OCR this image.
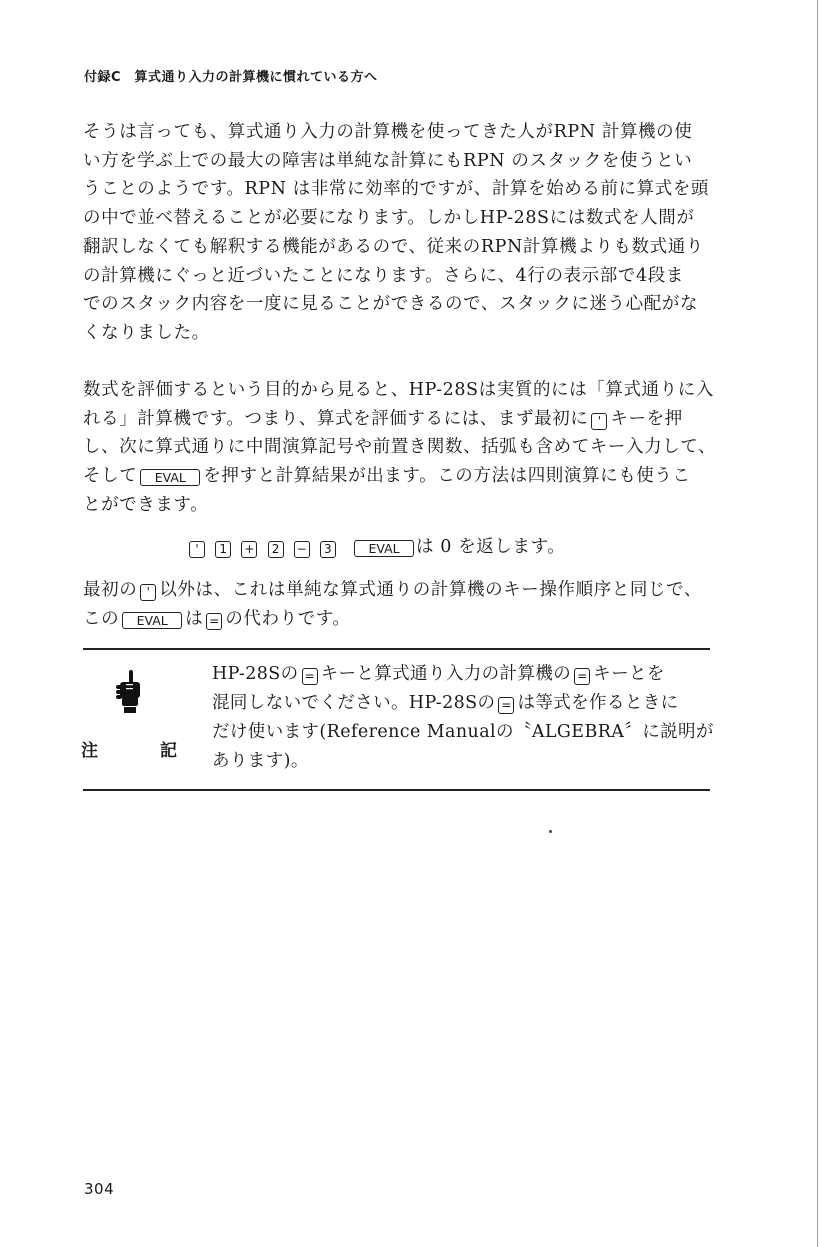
付録C　算式通り入力の計算機に慣れている方へ

そうは言っても、算式通り入力の計算機を使ってきた人がRPN 計算機の使
い方を学ぶ上での最大の障害は単純な計算にもRPN のスタックを使うとい
うことのようです。RPN は非常に効率的ですが、計算を始める前に算式を頭
の中で並べ替えることが必要になります。しかしHP-28Sには数式を人間が
翻訳しなくても解釈する機能があるので、従来のRPN計算機よりも数式通り
の計算機にぐっと近づいたことになります。さらに、4行の表示部で4段ま
でのスタック内容を一度に見ることができるので、スタックに迷う心配がな
くなりました。

数式を評価するという目的から見ると、HP-28Sは実質的には「算式通りに入
れる」計算機です。つまり、算式を評価するには、まず最初に ' キーを押
し、次に算式通りに中間演算記号や前置き関数、括弧も含めてキー入力して、
そして EVAL を押すと計算結果が出ます。この方法は四則演算にも使うこ
とができます。

' 1 + 2 − 3	EVAL は 0 を返します。

最初の ' 以外は、これは単純な算式通りの計算機のキー操作順序と同じで、
この EVAL は = の代わりです。

注	記

HP-28Sの = キーと算式通り入力の計算機の = キーとを
混同しないでください。HP-28Sの = は等式を作るときに
だけ使います(Reference Manualの〝ALGEBRA〞に説明が
あります)。

304
